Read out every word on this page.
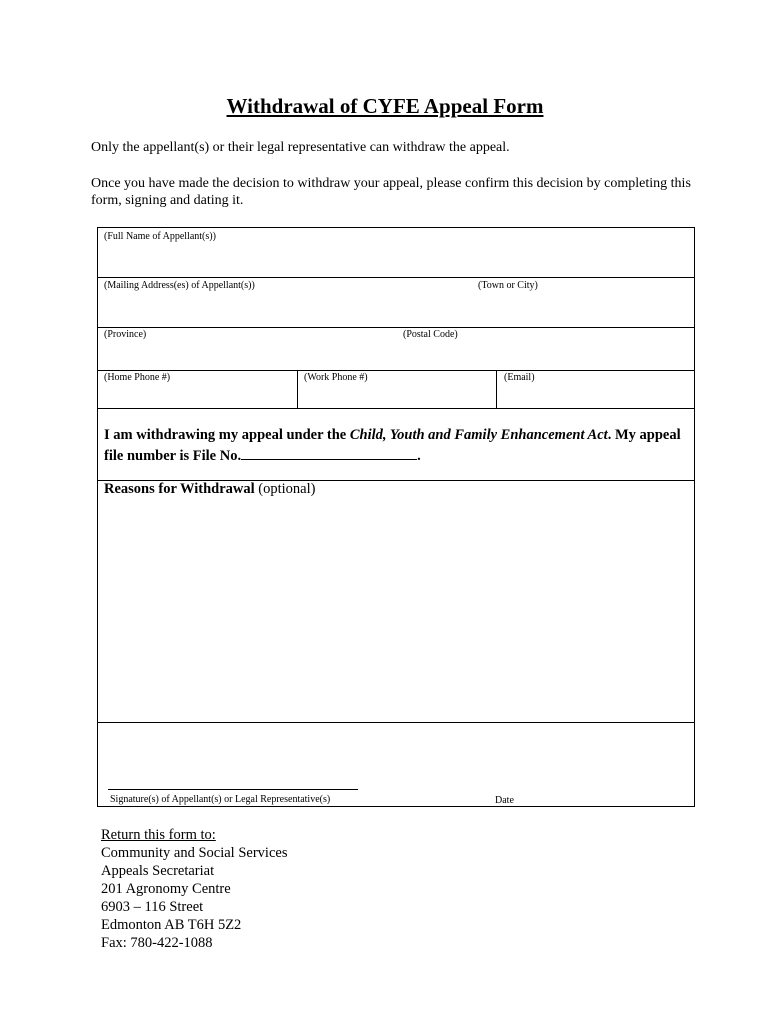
Withdrawal of CYFE Appeal Form
Only the appellant(s) or their legal representative can withdraw the appeal.
Once you have made the decision to withdraw your appeal, please confirm this decision by completing this form, signing and dating it.
(Full Name of Appellant(s))
(Mailing Address(es) of Appellant(s))	(Town or City)
(Province)	(Postal Code)
(Home Phone #)	(Work Phone #)	(Email)
I am withdrawing my appeal under the Child, Youth and Family Enhancement Act. My appeal file number is File No.	.
Reasons for Withdrawal (optional)
Signature(s) of Appellant(s) or Legal Representative(s)	Date
Return this form to:
Community and Social Services
Appeals Secretariat
201 Agronomy Centre
6903 – 116 Street
Edmonton AB T6H 5Z2
Fax: 780-422-1088
